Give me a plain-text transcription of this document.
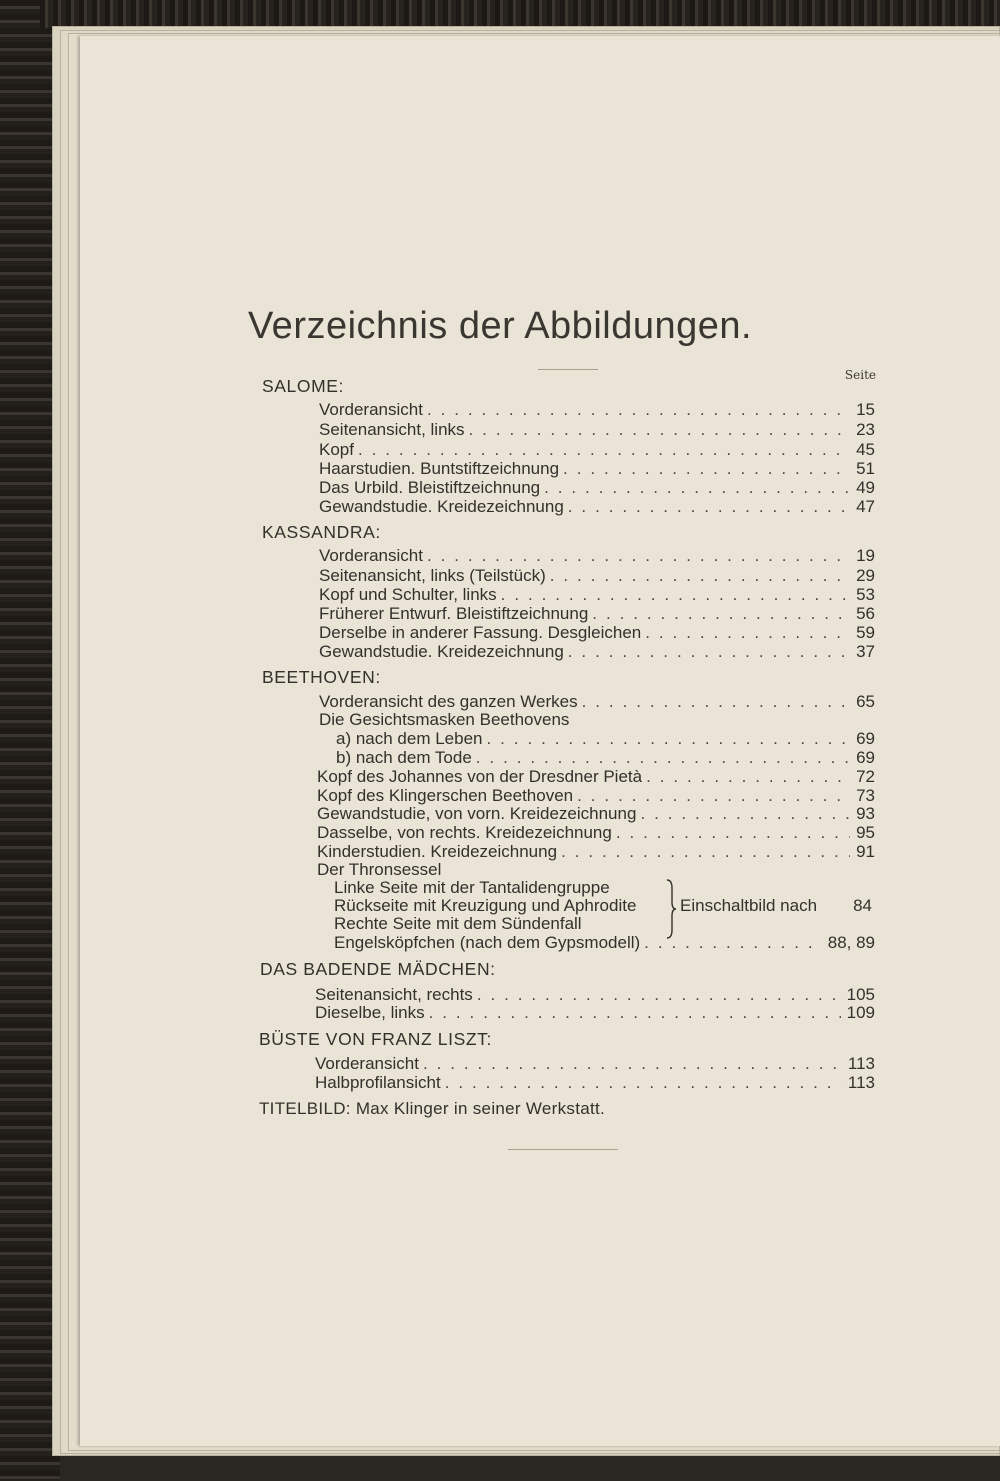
Verzeichnis der Abbildungen.
Seite
SALOME:
Vorderansicht . . .	15
Seitenansicht, links . . .	23
Kopf . . .	45
Haarstudien. Buntstiftzeichnung . . .	51
Das Urbild. Bleistiftzeichnung . . .	49
Gewandstudie. Kreidezeichnung . . .	47
KASSANDRA:
Vorderansicht . . .	19
Seitenansicht, links (Teilstück) . . .	29
Kopf und Schulter, links . . .	53
Früherer Entwurf. Bleistiftzeichnung . . .	56
Derselbe in anderer Fassung. Desgleichen . . .	59
Gewandstudie. Kreidezeichnung . . .	37
BEETHOVEN:
Vorderansicht des ganzen Werkes . . .	65
Die Gesichtsmasken Beethovens
a) nach dem Leben . . .	69
b) nach dem Tode . . .	69
Kopf des Johannes von der Dresdner Pietà . . .	72
Kopf des Klingerschen Beethoven . . .	73
Gewandstudie, von vorn. Kreidezeichnung . . .	93
Dasselbe, von rechts. Kreidezeichnung . . .	95
Kinderstudien. Kreidezeichnung . . .	91
Der Thronsessel
Linke Seite mit der Tantalidengruppe
Rückseite mit Kreuzigung und Aphrodite
Rechte Seite mit dem Sündenfall
Einschaltbild nach	84
Engelsköpfchen (nach dem Gypsmodell) . . .	88, 89
DAS BADENDE MÄDCHEN:
Seitenansicht, rechts . . .	105
Dieselbe, links . . .	109
BÜSTE VON FRANZ LISZT:
Vorderansicht . . .	113
Halbprofilansicht . . .	113
TITELBILD: Max Klinger in seiner Werkstatt.
